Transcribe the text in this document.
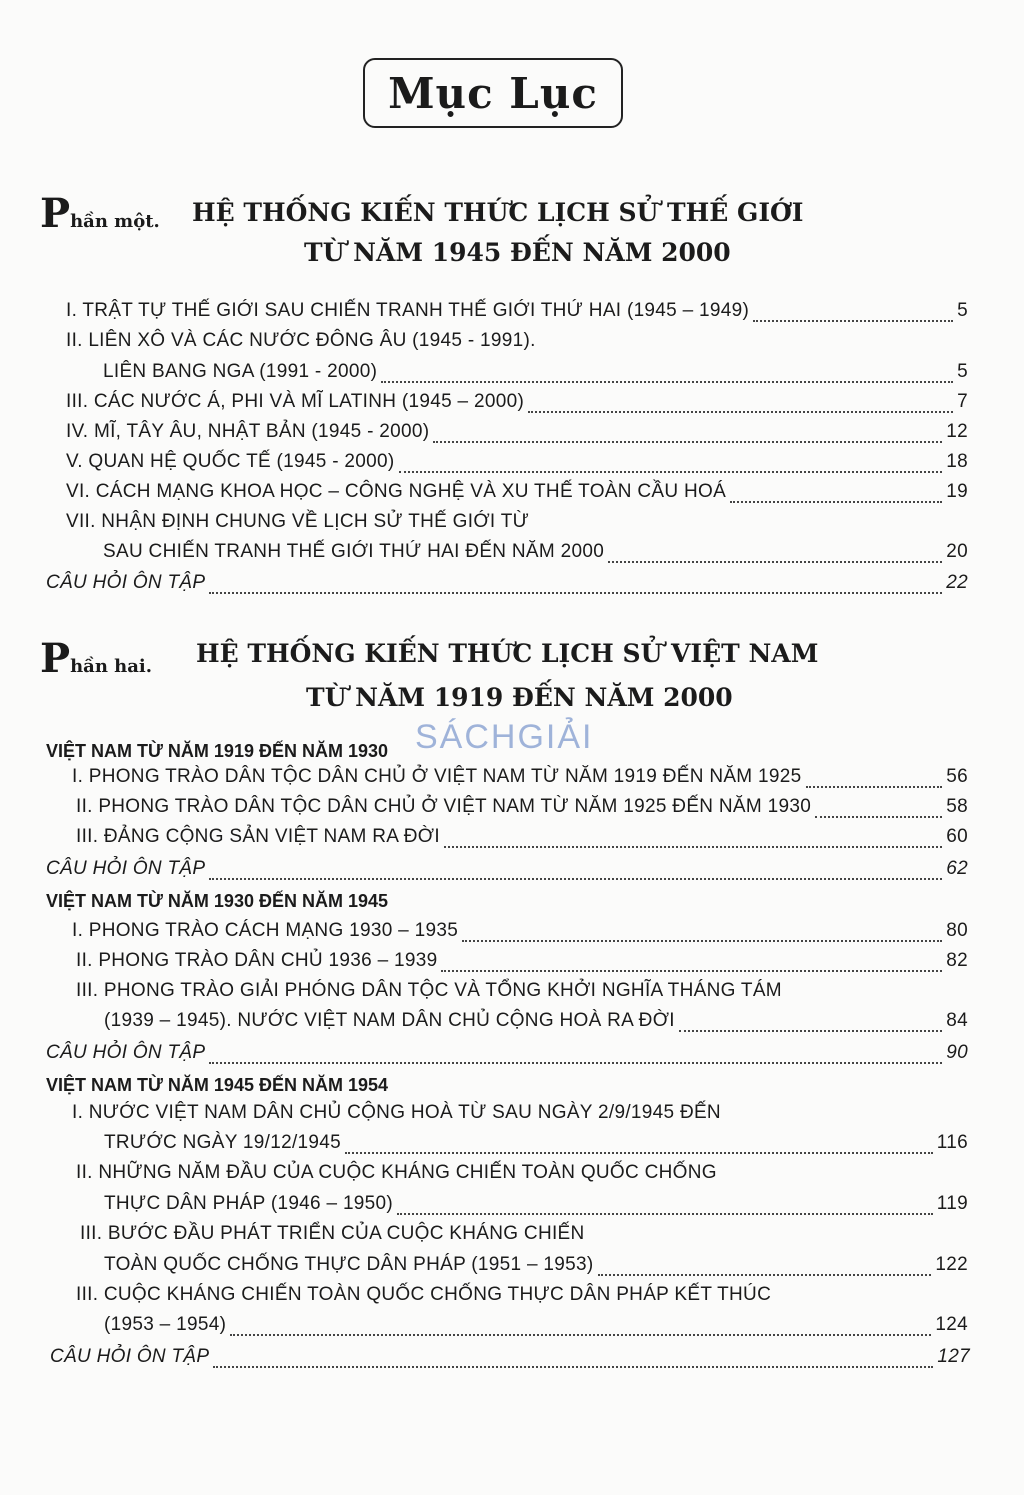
Mục Lục
Phần một. HỆ THỐNG KIẾN THỨC LỊCH SỬ THẾ GIỚI
TỪ NĂM 1945 ĐẾN NĂM 2000
I. TRẬT TỰ THẾ GIỚI SAU CHIẾN TRANH THẾ GIỚI THỨ HAI (1945 – 1949)	5
II. LIÊN XÔ VÀ CÁC NƯỚC ĐÔNG ÂU (1945 - 1991).
LIÊN BANG NGA (1991 - 2000)	5
III. CÁC NƯỚC Á, PHI VÀ MĨ LATINH (1945 – 2000)	7
IV. MĨ, TÂY ÂU, NHẬT BẢN (1945 - 2000)	12
V. QUAN HỆ QUỐC TẾ (1945 - 2000)	18
VI. CÁCH MẠNG KHOA HỌC – CÔNG NGHỆ VÀ XU THẾ TOÀN CẦU HOÁ	19
VII. NHẬN ĐỊNH CHUNG VỀ LỊCH SỬ THẾ GIỚI TỪ
SAU CHIẾN TRANH THẾ GIỚI THỨ HAI ĐẾN NĂM 2000	20
CÂU HỎI ÔN TẬP	22
Phần hai. HỆ THỐNG KIẾN THỨC LỊCH SỬ VIỆT NAM
TỪ NĂM 1919 ĐẾN NĂM 2000
SÁCHGIẢI
VIỆT NAM TỪ NĂM 1919 ĐẾN NĂM 1930
I. PHONG TRÀO DÂN TỘC DÂN CHỦ Ở VIỆT NAM TỪ NĂM 1919 ĐẾN NĂM 1925	56
II. PHONG TRÀO DÂN TỘC DÂN CHỦ Ở VIỆT NAM TỪ NĂM 1925 ĐẾN NĂM 1930	58
III. ĐẢNG CỘNG SẢN VIỆT NAM RA ĐỜI	60
CÂU HỎI ÔN TẬP	62
VIỆT NAM TỪ NĂM 1930 ĐẾN NĂM 1945
I. PHONG TRÀO CÁCH MẠNG 1930 – 1935	80
II. PHONG TRÀO DÂN CHỦ 1936 – 1939	82
III. PHONG TRÀO GIẢI PHÓNG DÂN TỘC VÀ TỔNG KHỞI NGHĨA THÁNG TÁM
(1939 – 1945). NƯỚC VIỆT NAM DÂN CHỦ CỘNG HOÀ RA ĐỜI	84
CÂU HỎI ÔN TẬP	90
VIỆT NAM TỪ NĂM 1945 ĐẾN NĂM 1954
I. NƯỚC VIỆT NAM DÂN CHỦ CỘNG HOÀ TỪ SAU NGÀY 2/9/1945 ĐẾN
TRƯỚC NGÀY 19/12/1945	116
II. NHỮNG NĂM ĐẦU CỦA CUỘC KHÁNG CHIẾN TOÀN QUỐC CHỐNG
THỰC DÂN PHÁP (1946 – 1950)	119
III. BƯỚC ĐẦU PHÁT TRIỂN CỦA CUỘC KHÁNG CHIẾN
TOÀN QUỐC CHỐNG THỰC DÂN PHÁP (1951 – 1953)	122
III. CUỘC KHÁNG CHIẾN TOÀN QUỐC CHỐNG THỰC DÂN PHÁP KẾT THÚC
(1953 – 1954)	124
CÂU HỎI ÔN TẬP	127
